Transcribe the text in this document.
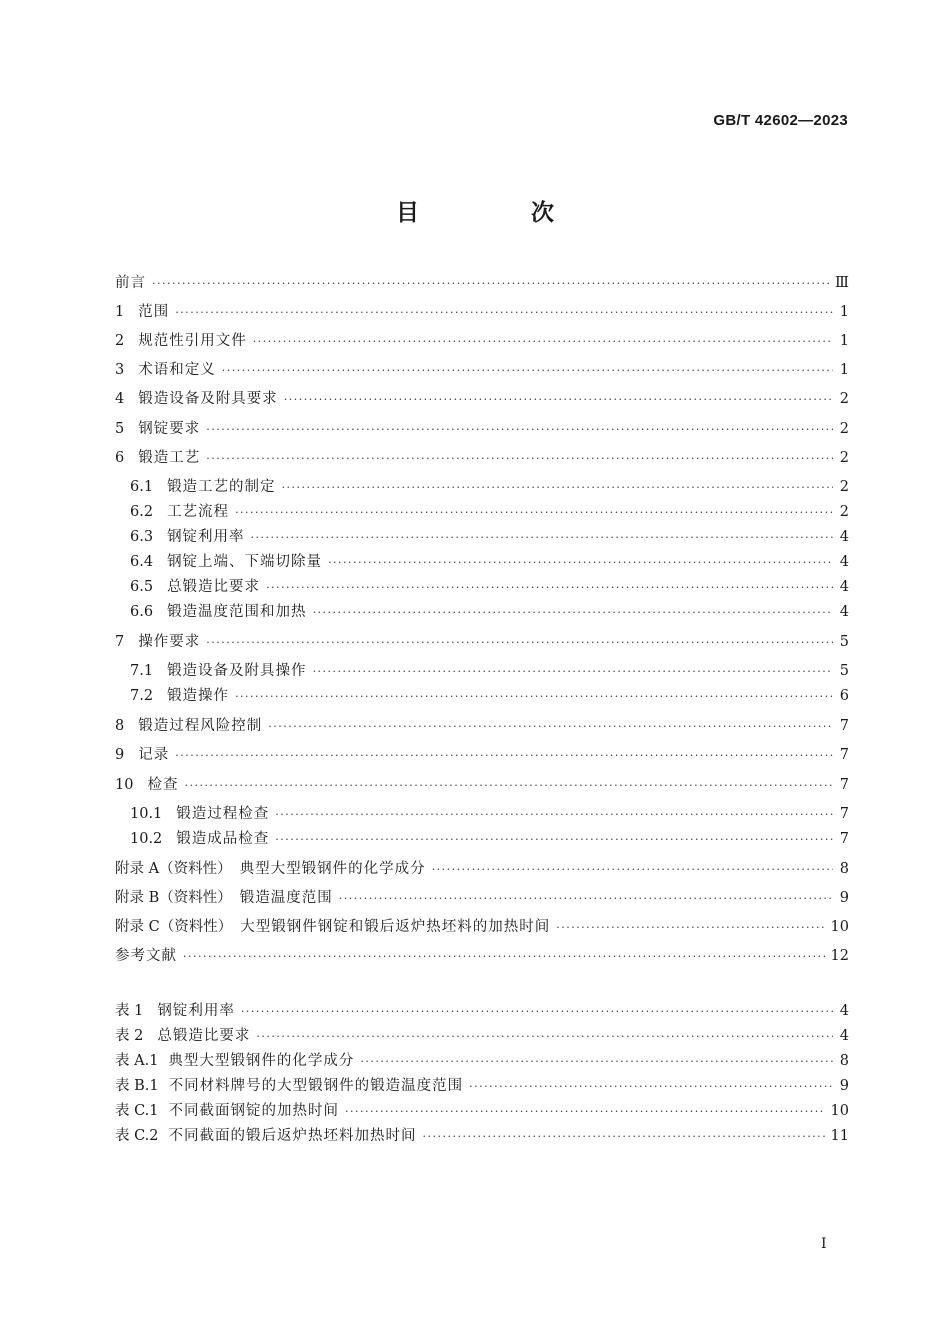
GB/T 42602—2023
目 次
前言 ·····	Ⅲ
1 范围 ·····	1
2 规范性引用文件 ·····	1
3 术语和定义 ·····	1
4 锻造设备及附具要求 ·····	2
5 钢锭要求 ·····	2
6 锻造工艺 ·····	2
6.1 锻造工艺的制定 ·····	2
6.2 工艺流程 ·····	2
6.3 钢锭利用率 ·····	4
6.4 钢锭上端、下端切除量 ·····	4
6.5 总锻造比要求 ·····	4
6.6 锻造温度范围和加热 ·····	4
7 操作要求 ·····	5
7.1 锻造设备及附具操作 ·····	5
7.2 锻造操作 ·····	6
8 锻造过程风险控制 ·····	7
9 记录 ·····	7
10 检查 ·····	7
10.1 锻造过程检查 ·····	7
10.2 锻造成品检查 ·····	7
附录 A（资料性） 典型大型锻钢件的化学成分 ·····	8
附录 B（资料性） 锻造温度范围 ·····	9
附录 C（资料性） 大型锻钢件钢锭和锻后返炉热坯料的加热时间 ·····	10
参考文献 ·····	12
表 1 钢锭利用率 ·····	4
表 2 总锻造比要求 ·····	4
表 A.1 典型大型锻钢件的化学成分 ·····	8
表 B.1 不同材料牌号的大型锻钢件的锻造温度范围 ·····	9
表 C.1 不同截面钢锭的加热时间 ·····	10
表 C.2 不同截面的锻后返炉热坯料加热时间 ·····	11
I
